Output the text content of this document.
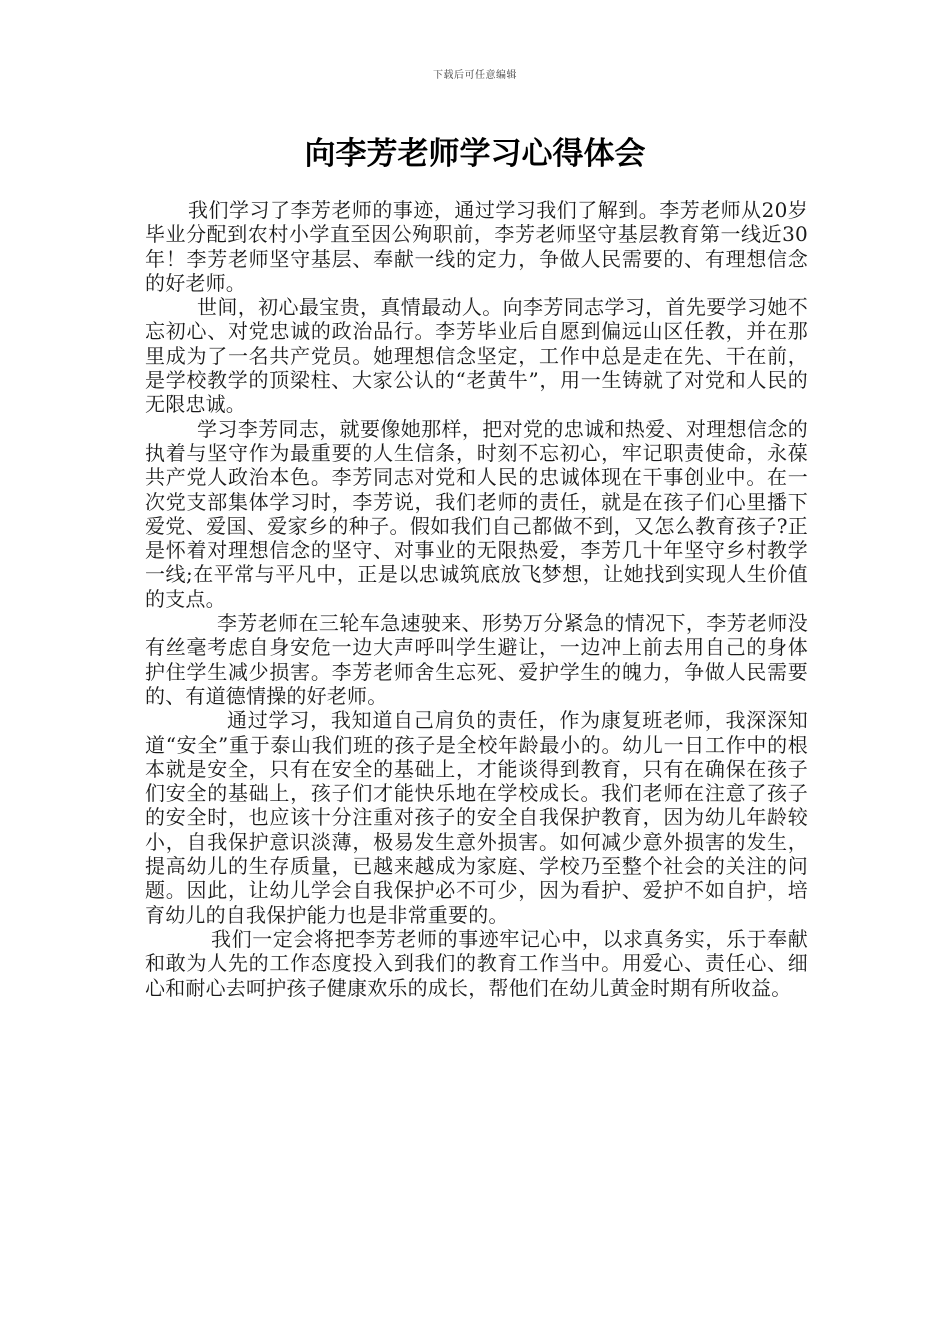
下载后可任意编辑
向李芳老师学习心得体会

我们学习了李芳老师的事迹，通过学习我们了解到。李芳老师从20岁毕业分配到农村小学直至因公殉职前，李芳老师坚守基层教育第一线近30年！李芳老师坚守基层、奉献一线的定力，争做人民需要的、有理想信念的好老师。

世间，初心最宝贵，真情最动人。向李芳同志学习，首先要学习她不忘初心、对党忠诚的政治品行。李芳毕业后自愿到偏远山区任教，并在那里成为了一名共产党员。她理想信念坚定，工作中总是走在先、干在前，是学校教学的顶梁柱、大家公认的“老黄牛”，用一生铸就了对党和人民的无限忠诚。

学习李芳同志，就要像她那样，把对党的忠诚和热爱、对理想信念的执着与坚守作为最重要的人生信条，时刻不忘初心，牢记职责使命，永葆共产党人政治本色。李芳同志对党和人民的忠诚体现在干事创业中。在一次党支部集体学习时，李芳说，我们老师的责任，就是在孩子们心里播下爱党、爱国、爱家乡的种子。假如我们自己都做不到，又怎么教育孩子?正是怀着对理想信念的坚守、对事业的无限热爱，李芳几十年坚守乡村教学一线;在平常与平凡中，正是以忠诚筑底放飞梦想，让她找到实现人生价值的支点。

李芳老师在三轮车急速驶来、形势万分紧急的情况下，李芳老师没有丝毫考虑自身安危一边大声呼叫学生避让，一边冲上前去用自己的身体护住学生减少损害。李芳老师舍生忘死、爱护学生的魄力，争做人民需要的、有道德情操的好老师。

通过学习，我知道自己肩负的责任，作为康复班老师，我深深知道“安全”重于泰山我们班的孩子是全校年龄最小的。幼儿一日工作中的根本就是安全，只有在安全的基础上，才能谈得到教育，只有在确保在孩子们安全的基础上，孩子们才能快乐地在学校成长。我们老师在注意了孩子的安全时，也应该十分注重对孩子的安全自我保护教育，因为幼儿年龄较小，自我保护意识淡薄，极易发生意外损害。如何减少意外损害的发生，提高幼儿的生存质量，已越来越成为家庭、学校乃至整个社会的关注的问题。因此，让幼儿学会自我保护必不可少，因为看护、爱护不如自护，培育幼儿的自我保护能力也是非常重要的。

我们一定会将把李芳老师的事迹牢记心中，以求真务实，乐于奉献和敢为人先的工作态度投入到我们的教育工作当中。用爱心、责任心、细心和耐心去呵护孩子健康欢乐的成长，帮他们在幼儿黄金时期有所收益。
